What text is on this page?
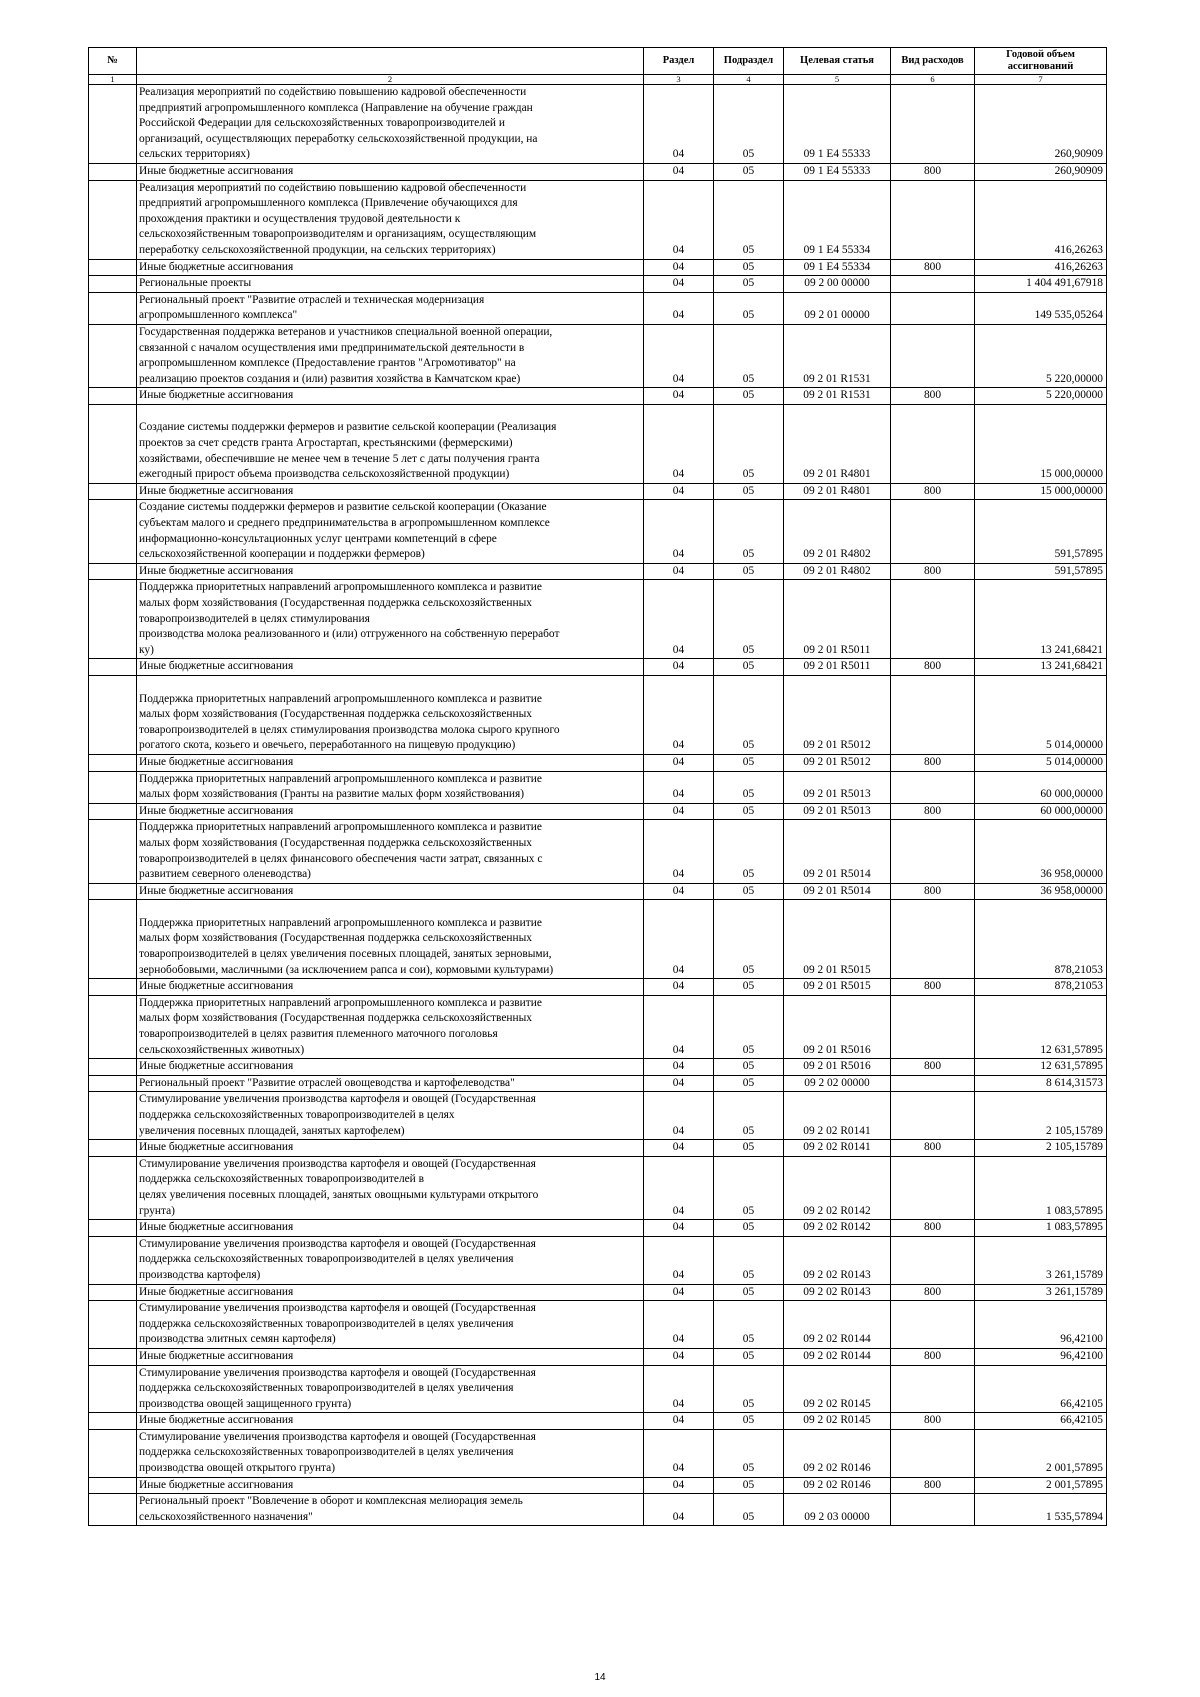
№		Раздел	Подраздел	Целевая статья	Вид расходов	Годовой объем ассигнований
1	2	3	4	5	6	7

	Реализация мероприятий по содействию повышению кадровой обеспеченности
предприятий агропромышленного комплекса (Направление на обучение граждан
Российской Федерации для сельскохозяйственных товаропроизводителей и
организаций, осуществляющих переработку сельскохозяйственной продукции, на
сельских территориях)	04	05	09 1 E4 55333		260,90909

	Иные бюджетные ассигнования	04	05	09 1 E4 55333	800	260,90909

	Реализация мероприятий по содействию повышению кадровой обеспеченности
предприятий агропромышленного комплекса (Привлечение обучающихся для
прохождения практики и осуществления трудовой деятельности к
сельскохозяйственным товаропроизводителям и организациям, осуществляющим
переработку сельскохозяйственной продукции, на сельских территориях)	04	05	09 1 E4 55334		416,26263

	Иные бюджетные ассигнования	04	05	09 1 E4 55334	800	416,26263

	Региональные проекты	04	05	09 2 00 00000		1 404 491,67918

	Региональный проект "Развитие отраслей и техническая модернизация
агропромышленного комплекса"	04	05	09 2 01 00000		149 535,05264

	Государственная поддержка ветеранов и участников специальной военной операции,
связанной с началом осуществления ими предпринимательской деятельности в
агропромышленном комплексе (Предоставление грантов "Агромотиватор" на
реализацию проектов создания и (или) развития хозяйства в Камчатском крае)	04	05	09 2 01 R1531		5 220,00000

	Иные бюджетные ассигнования	04	05	09 2 01 R1531	800	5 220,00000

	Создание системы поддержки фермеров и развитие сельской кооперации (Реализация
проектов за счет средств гранта Агростартап, крестьянскими (фермерскими)
хозяйствами, обеспечившие не менее чем в течение 5 лет с даты получения гранта
ежегодный прирост объема производства сельскохозяйственной продукции)	04	05	09 2 01 R4801		15 000,00000

	Иные бюджетные ассигнования	04	05	09 2 01 R4801	800	15 000,00000

	Создание системы поддержки фермеров и развитие сельской кооперации (Оказание
субъектам малого и среднего предпринимательства в агропромышленном комплексе
информационно-консультационных услуг центрами компетенций в сфере
сельскохозяйственной кооперации и поддержки фермеров)	04	05	09 2 01 R4802		591,57895

	Иные бюджетные ассигнования	04	05	09 2 01 R4802	800	591,57895

	Поддержка приоритетных направлений агропромышленного комплекса и развитие
малых форм хозяйствования (Государственная поддержка сельскохозяйственных
товаропроизводителей в целях стимулирования
производства молока реализованного и (или) отгруженного на собственную переработ
ку)	04	05	09 2 01 R5011		13 241,68421

	Иные бюджетные ассигнования	04	05	09 2 01 R5011	800	13 241,68421

	Поддержка приоритетных направлений агропромышленного комплекса и развитие
малых форм хозяйствования (Государственная поддержка сельскохозяйственных
товаропроизводителей в целях стимулирования производства молока сырого крупного
рогатого скота, козьего и овечьего, переработанного на пищевую продукцию)	04	05	09 2 01 R5012		5 014,00000

	Иные бюджетные ассигнования	04	05	09 2 01 R5012	800	5 014,00000

	Поддержка приоритетных направлений агропромышленного комплекса и развитие
малых форм хозяйствования (Гранты на развитие малых форм хозяйствования)	04	05	09 2 01 R5013		60 000,00000

	Иные бюджетные ассигнования	04	05	09 2 01 R5013	800	60 000,00000

	Поддержка приоритетных направлений агропромышленного комплекса и развитие
малых форм хозяйствования (Государственная поддержка сельскохозяйственных
товаропроизводителей в целях финансового обеспечения части затрат, связанных с
развитием северного оленеводства)	04	05	09 2 01 R5014		36 958,00000

	Иные бюджетные ассигнования	04	05	09 2 01 R5014	800	36 958,00000

	Поддержка приоритетных направлений агропромышленного комплекса и развитие
малых форм хозяйствования (Государственная поддержка сельскохозяйственных
товаропроизводителей в целях увеличения посевных площадей, занятых зерновыми,
зернобобовыми, масличными (за исключением рапса и сои), кормовыми культурами)	04	05	09 2 01 R5015		878,21053

	Иные бюджетные ассигнования	04	05	09 2 01 R5015	800	878,21053

	Поддержка приоритетных направлений агропромышленного комплекса и развитие
малых форм хозяйствования (Государственная поддержка сельскохозяйственных
товаропроизводителей в целях развития племенного маточного поголовья
сельскохозяйственных животных)	04	05	09 2 01 R5016		12 631,57895

	Иные бюджетные ассигнования	04	05	09 2 01 R5016	800	12 631,57895

	Региональный проект "Развитие отраслей овощеводства и картофелеводства"	04	05	09 2 02 00000		8 614,31573

	Стимулирование увеличения производства картофеля и овощей (Государственная
поддержка сельскохозяйственных товаропроизводителей в целях
увеличения посевных площадей, занятых картофелем)	04	05	09 2 02 R0141		2 105,15789

	Иные бюджетные ассигнования	04	05	09 2 02 R0141	800	2 105,15789

	Стимулирование увеличения производства картофеля и овощей (Государственная
поддержка сельскохозяйственных товаропроизводителей в
целях увеличения посевных площадей, занятых овощными культурами открытого
грунта)	04	05	09 2 02 R0142		1 083,57895

	Иные бюджетные ассигнования	04	05	09 2 02 R0142	800	1 083,57895

	Стимулирование увеличения производства картофеля и овощей (Государственная
поддержка сельскохозяйственных товаропроизводителей в целях увеличения
производства картофеля)	04	05	09 2 02 R0143		3 261,15789

	Иные бюджетные ассигнования	04	05	09 2 02 R0143	800	3 261,15789

	Стимулирование увеличения производства картофеля и овощей (Государственная
поддержка сельскохозяйственных товаропроизводителей в целях увеличения
производства элитных семян картофеля)	04	05	09 2 02 R0144		96,42100

	Иные бюджетные ассигнования	04	05	09 2 02 R0144	800	96,42100

	Стимулирование увеличения производства картофеля и овощей (Государственная
поддержка сельскохозяйственных товаропроизводителей в целях увеличения
производства овощей защищенного грунта)	04	05	09 2 02 R0145		66,42105

	Иные бюджетные ассигнования	04	05	09 2 02 R0145	800	66,42105

	Стимулирование увеличения производства картофеля и овощей (Государственная
поддержка сельскохозяйственных товаропроизводителей в целях увеличения
производства овощей открытого грунта)	04	05	09 2 02 R0146		2 001,57895

	Иные бюджетные ассигнования	04	05	09 2 02 R0146	800	2 001,57895

	Региональный проект "Вовлечение в оборот и комплексная мелиорация земель
сельскохозяйственного назначения"	04	05	09 2 03 00000		1 535,57894
14
